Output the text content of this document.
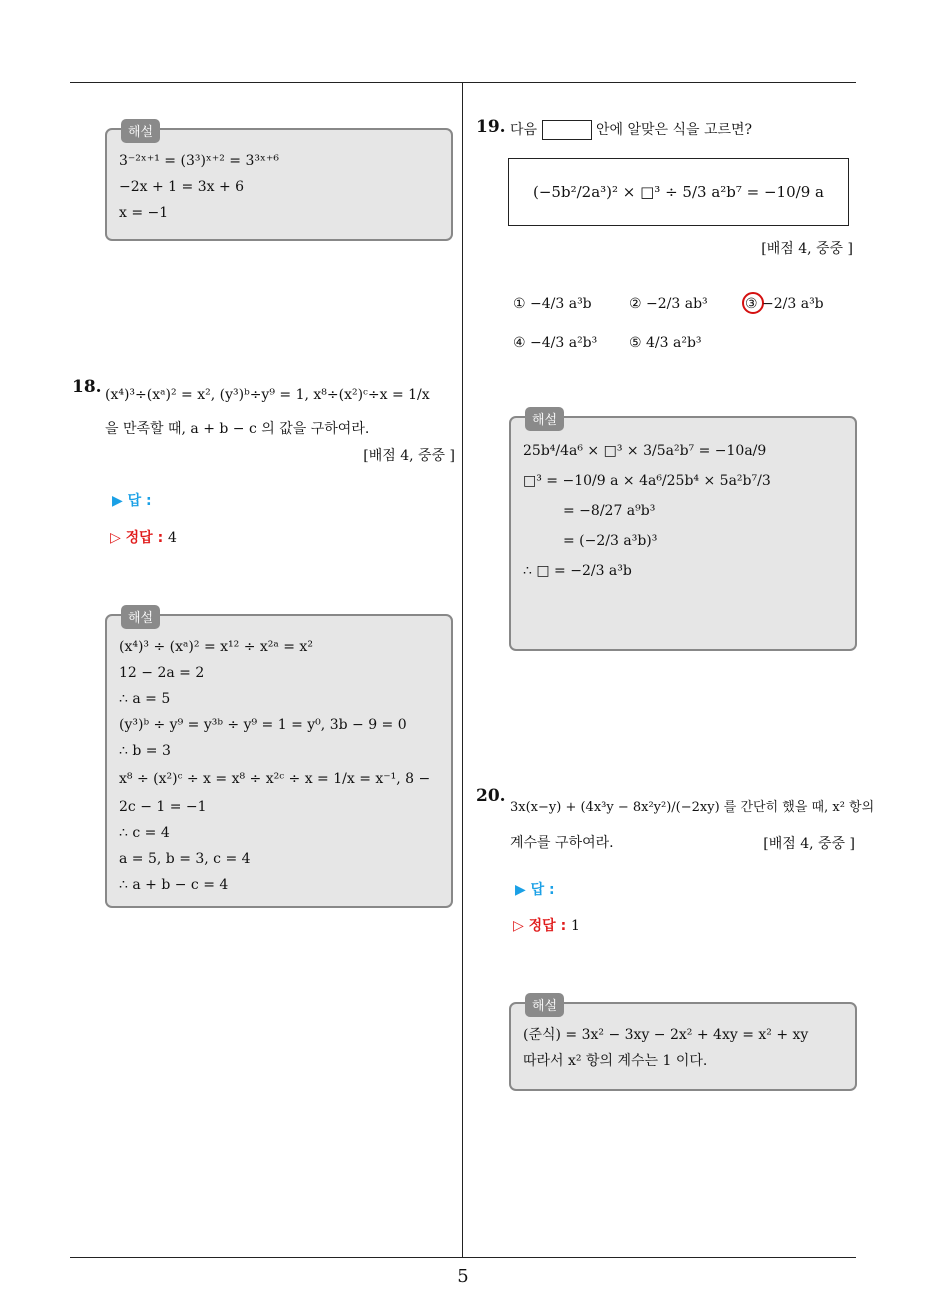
해설
3⁻²ˣ⁺¹ = (3³)ˣ⁺² = 3³ˣ⁺⁶
−2x + 1 = 3x + 6
x = −1
18. (x⁴)³÷(xᵃ)² = x², (y³)ᵇ÷y⁹ = 1, x⁸÷(x²)ᶜ÷x = 1/x
을 만족할 때, a + b − c 의 값을 구하여라.
[배점 4, 중중 ]
▶ 답 :
▷ 정답 : 4
해설
(x⁴)³ ÷ (xᵃ)² = x¹² ÷ x²ᵃ = x²
12 − 2a = 2
∴ a = 5
(y³)ᵇ ÷ y⁹ = y³ᵇ ÷ y⁹ = 1 = y⁰, 3b − 9 = 0
∴ b = 3
x⁸ ÷ (x²)ᶜ ÷ x = x⁸ ÷ x²ᶜ ÷ x = 1/x = x⁻¹, 8 −
2c − 1 = −1
∴ c = 4
a = 5, b = 3, c = 4
∴ a + b − c = 4
19. 다음	안에 알맞은 식을 고르면?
(−5b²/2a³)² × □³ ÷ 5/3 a²b⁷ = −10/9 a
[배점 4, 중중 ]
① −4/3 a³b	② −2/3 ab³	③ −2/3 a³b
④ −4/3 a²b³ ⑤ 4/3 a²b³
해설
25b⁴/4a⁶ × □³ × 3/5a²b⁷ = −10a/9
□³ = −10/9 a × 4a⁶/25b⁴ × 5a²b⁷/3
= −8/27 a⁹b³
= (−2/3 a³b)³
∴ □ = −2/3 a³b
20.
3x(x−y) + (4x³y − 8x²y²)/(−2xy) 를 간단히 했을 때, x² 항의
계수를 구하여라.	[배점 4, 중중 ]
▶ 답 :
▷ 정답 : 1
해설
(준식) = 3x² − 3xy − 2x² + 4xy = x² + xy
따라서 x² 항의 계수는 1 이다.
5
